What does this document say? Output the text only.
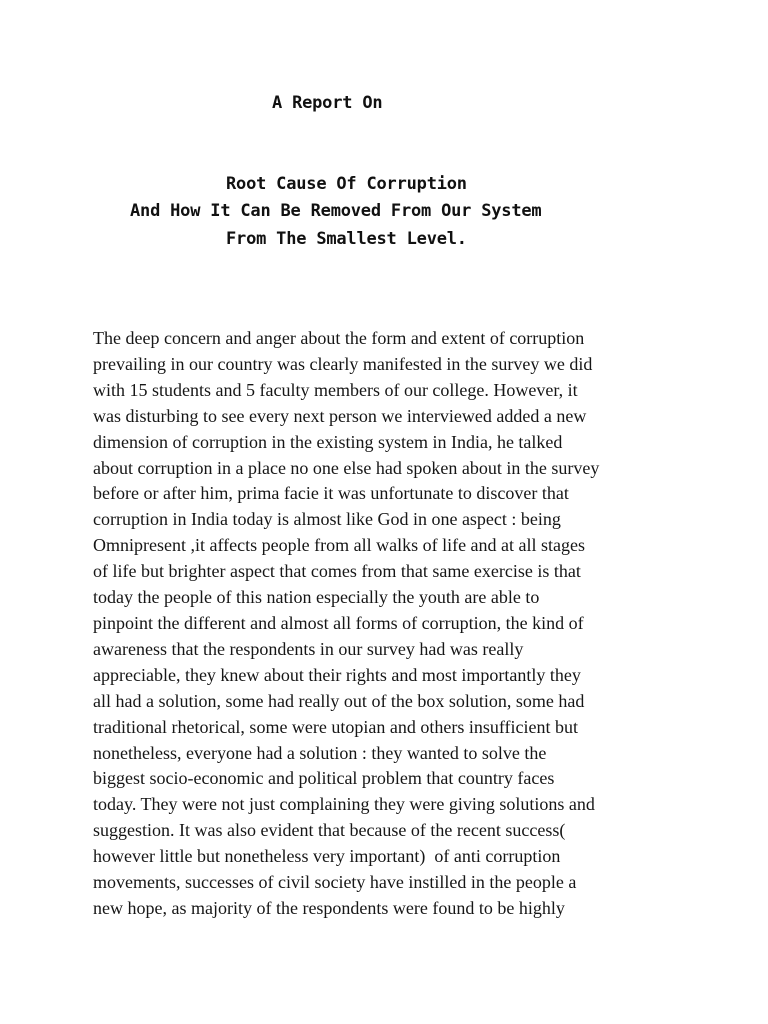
A Report On
Root Cause Of Corruption
And How It Can Be Removed From Our System
From The Smallest Level.

The deep concern and anger about the form and extent of corruption
prevailing in our country was clearly manifested in the survey we did
with 15 students and 5 faculty members of our college. However, it
was disturbing to see every next person we interviewed added a new
dimension of corruption in the existing system in India, he talked
about corruption in a place no one else had spoken about in the survey
before or after him, prima facie it was unfortunate to discover that
corruption in India today is almost like God in one aspect : being
Omnipresent ,it affects people from all walks of life and at all stages
of life but brighter aspect that comes from that same exercise is that
today the people of this nation especially the youth are able to
pinpoint the different and almost all forms of corruption, the kind of
awareness that the respondents in our survey had was really
appreciable, they knew about their rights and most importantly they
all had a solution, some had really out of the box solution, some had
traditional rhetorical, some were utopian and others insufficient but
nonetheless, everyone had a solution : they wanted to solve the
biggest socio-economic and political problem that country faces
today. They were not just complaining they were giving solutions and
suggestion. It was also evident that because of the recent success(
however little but nonetheless very important)  of anti corruption
movements, successes of civil society have instilled in the people a
new hope, as majority of the respondents were found to be highly
